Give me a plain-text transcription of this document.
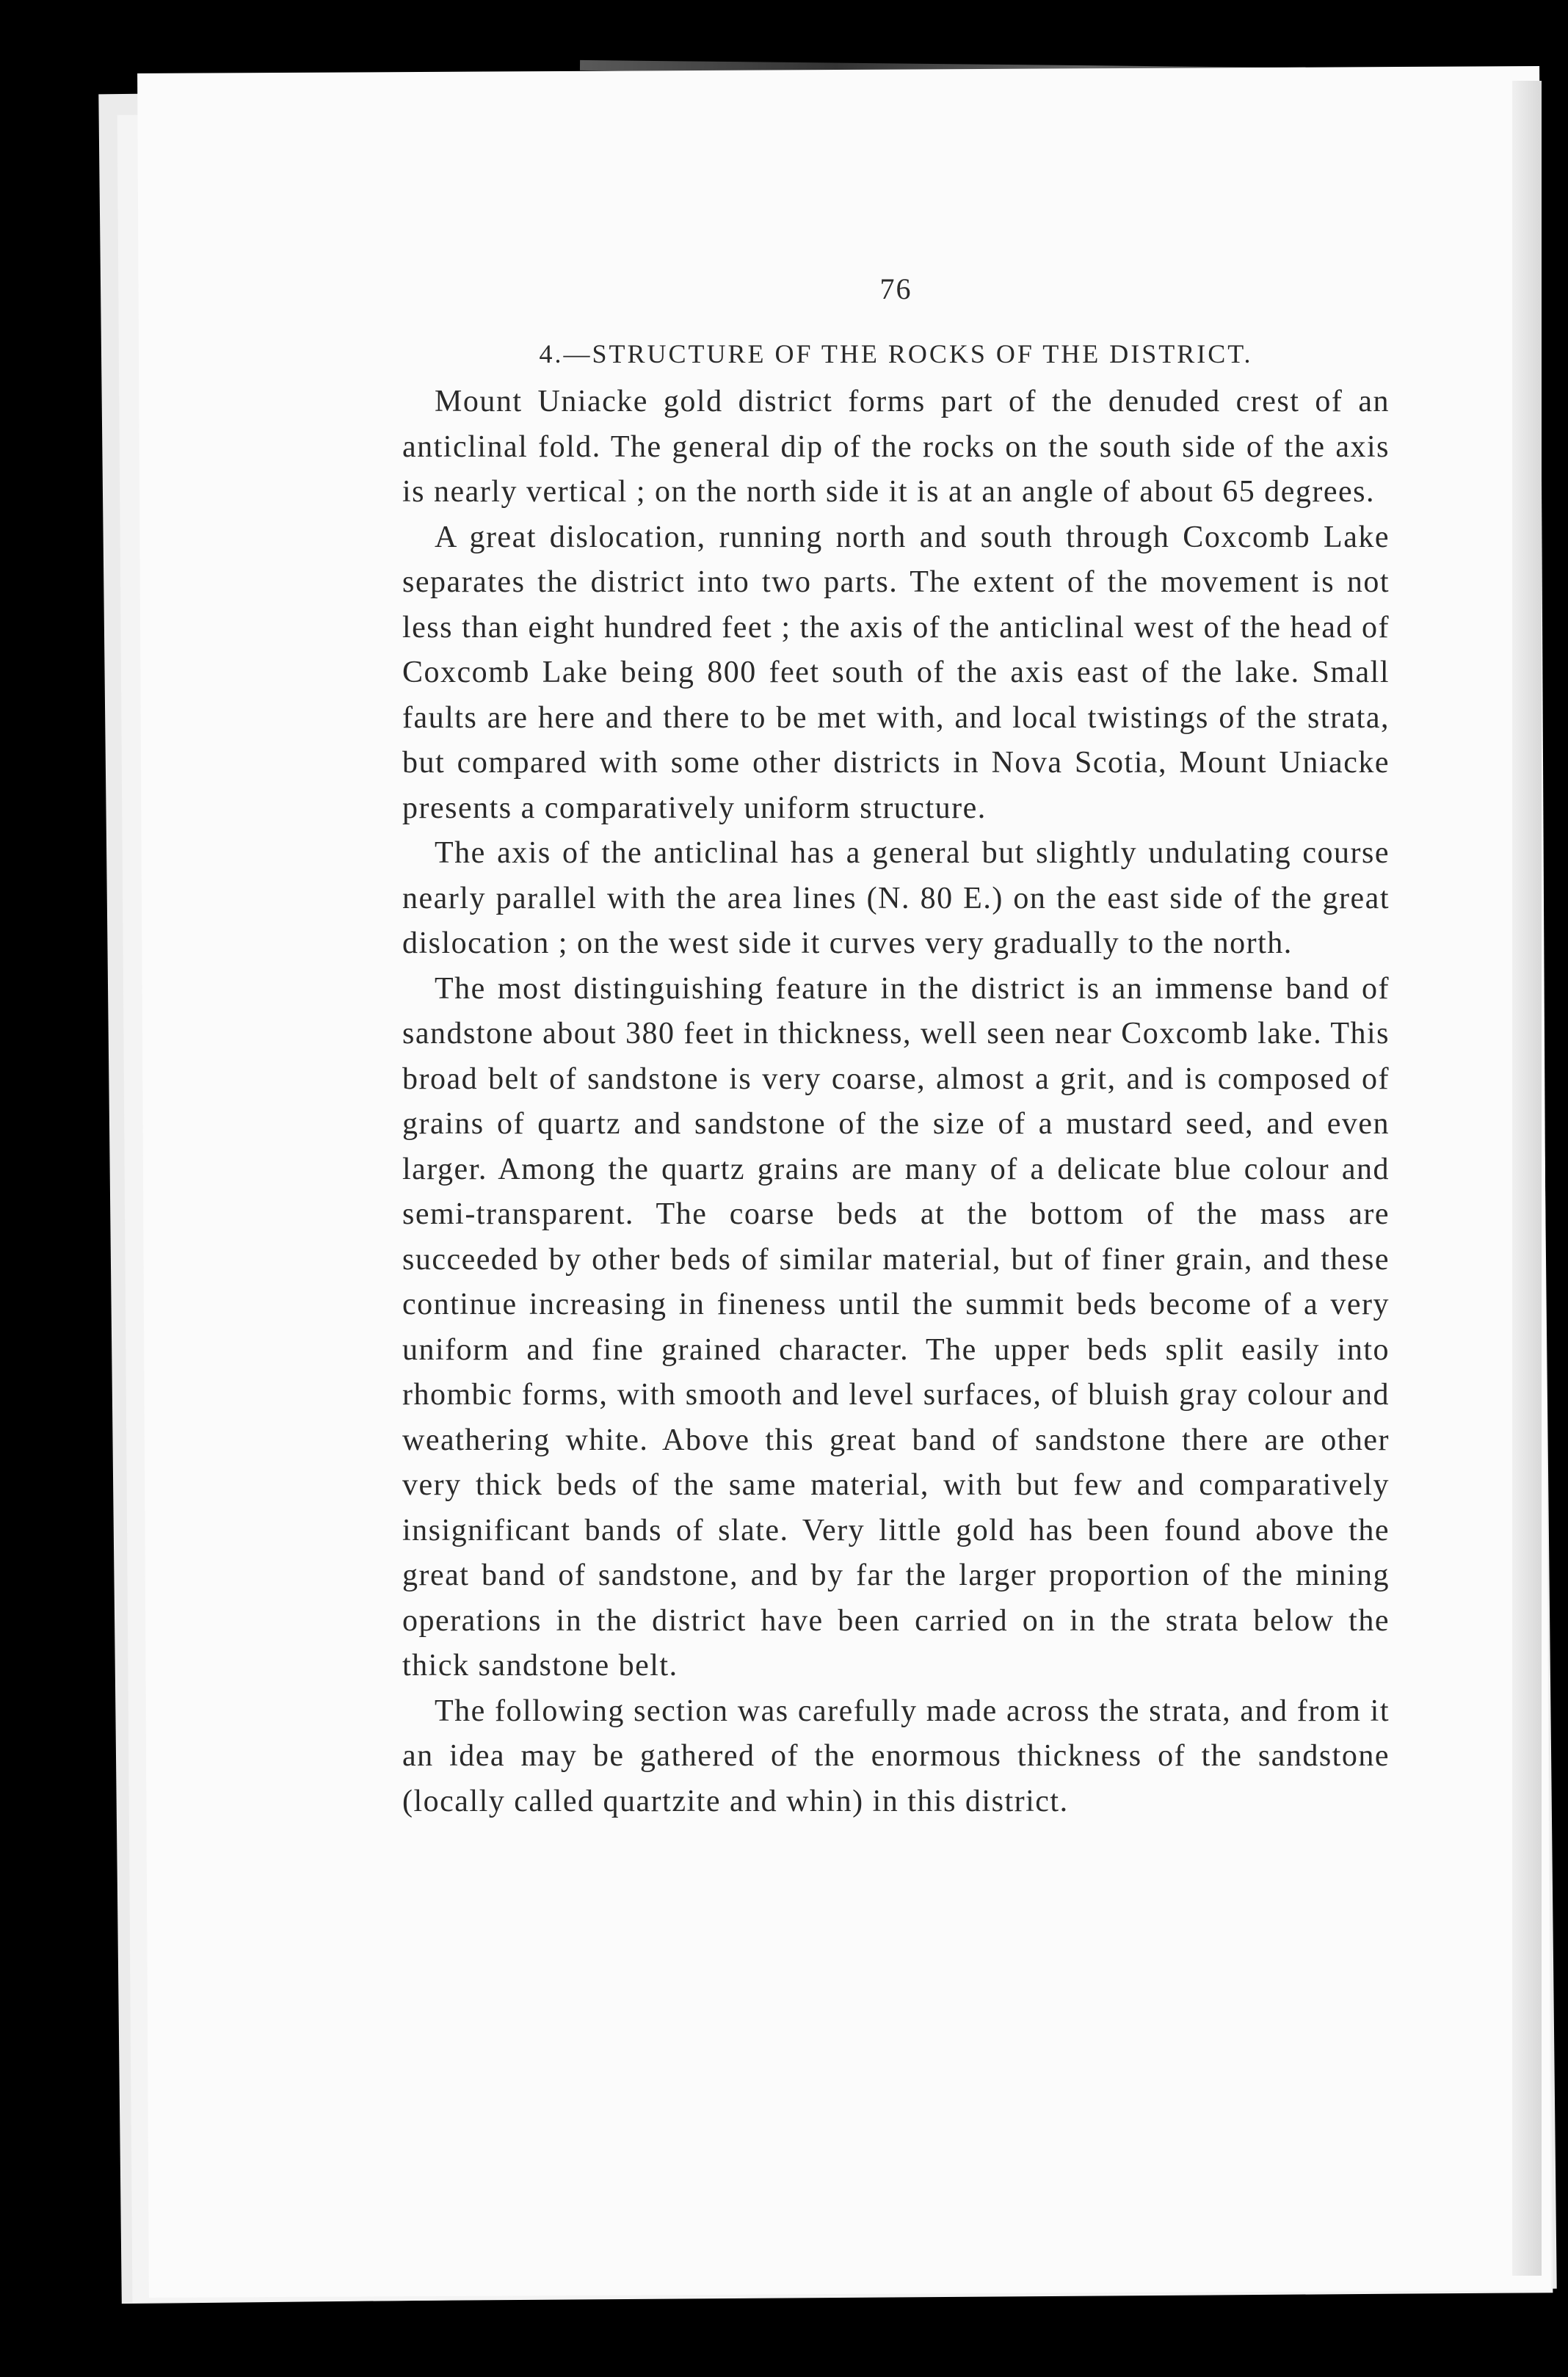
76
4.—STRUCTURE OF THE ROCKS OF THE DISTRICT.

Mount Uniacke gold district forms part of the denuded crest of an anticlinal fold. The general dip of the rocks on the south side of the axis is nearly vertical ; on the north side it is at an angle of about 65 degrees.

A great dislocation, running north and south through Coxcomb Lake separates the district into two parts. The extent of the movement is not less than eight hundred feet ; the axis of the anticlinal west of the head of Coxcomb Lake being 800 feet south of the axis east of the lake. Small faults are here and there to be met with, and local twistings of the strata, but compared with some other districts in Nova Scotia, Mount Uniacke presents a comparatively uniform structure.

The axis of the anticlinal has a general but slightly undulating course nearly parallel with the area lines (N. 80 E.) on the east side of the great dislocation ; on the west side it curves very gradually to the north.

The most distinguishing feature in the district is an immense band of sandstone about 380 feet in thickness, well seen near Coxcomb lake. This broad belt of sandstone is very coarse, almost a grit, and is composed of grains of quartz and sandstone of the size of a mustard seed, and even larger. Among the quartz grains are many of a delicate blue colour and semi-transparent. The coarse beds at the bottom of the mass are succeeded by other beds of similar material, but of finer grain, and these continue increasing in fineness until the summit beds become of a very uniform and fine grained character. The upper beds split easily into rhombic forms, with smooth and level surfaces, of bluish gray colour and weathering white. Above this great band of sandstone there are other very thick beds of the same material, with but few and comparatively insignificant bands of slate. Very little gold has been found above the great band of sandstone, and by far the larger proportion of the mining operations in the district have been carried on in the strata below the thick sandstone belt.

The following section was carefully made across the strata, and from it an idea may be gathered of the enormous thickness of the sandstone (locally called quartzite and whin) in this district.
